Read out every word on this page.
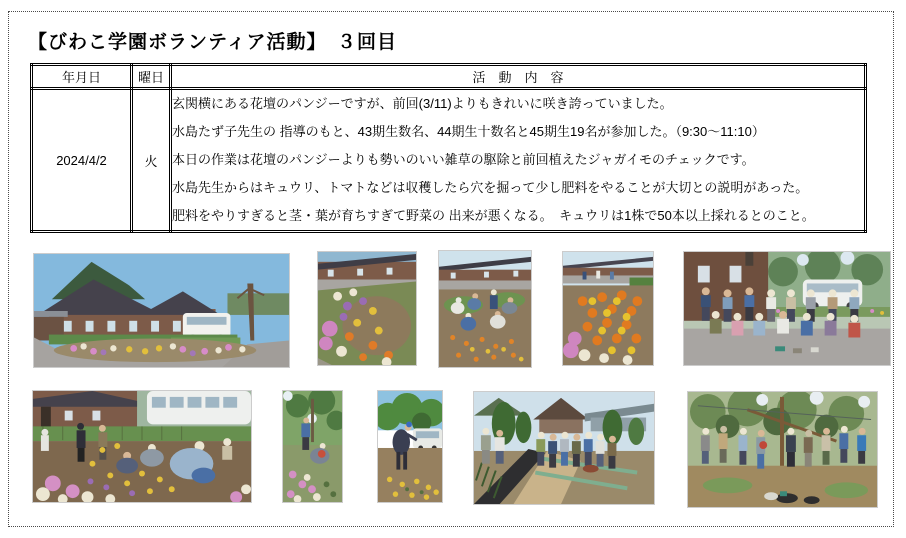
【びわこ学園ボランティア活動】　３回目
年月日	曜日	活　動　内　容
2024/4/2	火	玄関横にある花壇のパンジーですが、前回(3/11)よりもきれいに咲き誇っていました。
水島たず子先生の 指導のもと、43期生数名、44期生十数名と45期生19名が参加した。（9:30～11:10）
本日の作業は花壇のパンジーよりも勢いのいい雑草の駆除と前回植えたジャガイモのチェックです。
水島先生からはキュウリ、トマトなどは収穫したら穴を掘って少し肥料をやることが大切との説明があった。
肥料をやりすぎると茎・葉が育ちすぎて野菜の 出来が悪くなる。　キュウリは1株で50本以上採れるとのこと。
